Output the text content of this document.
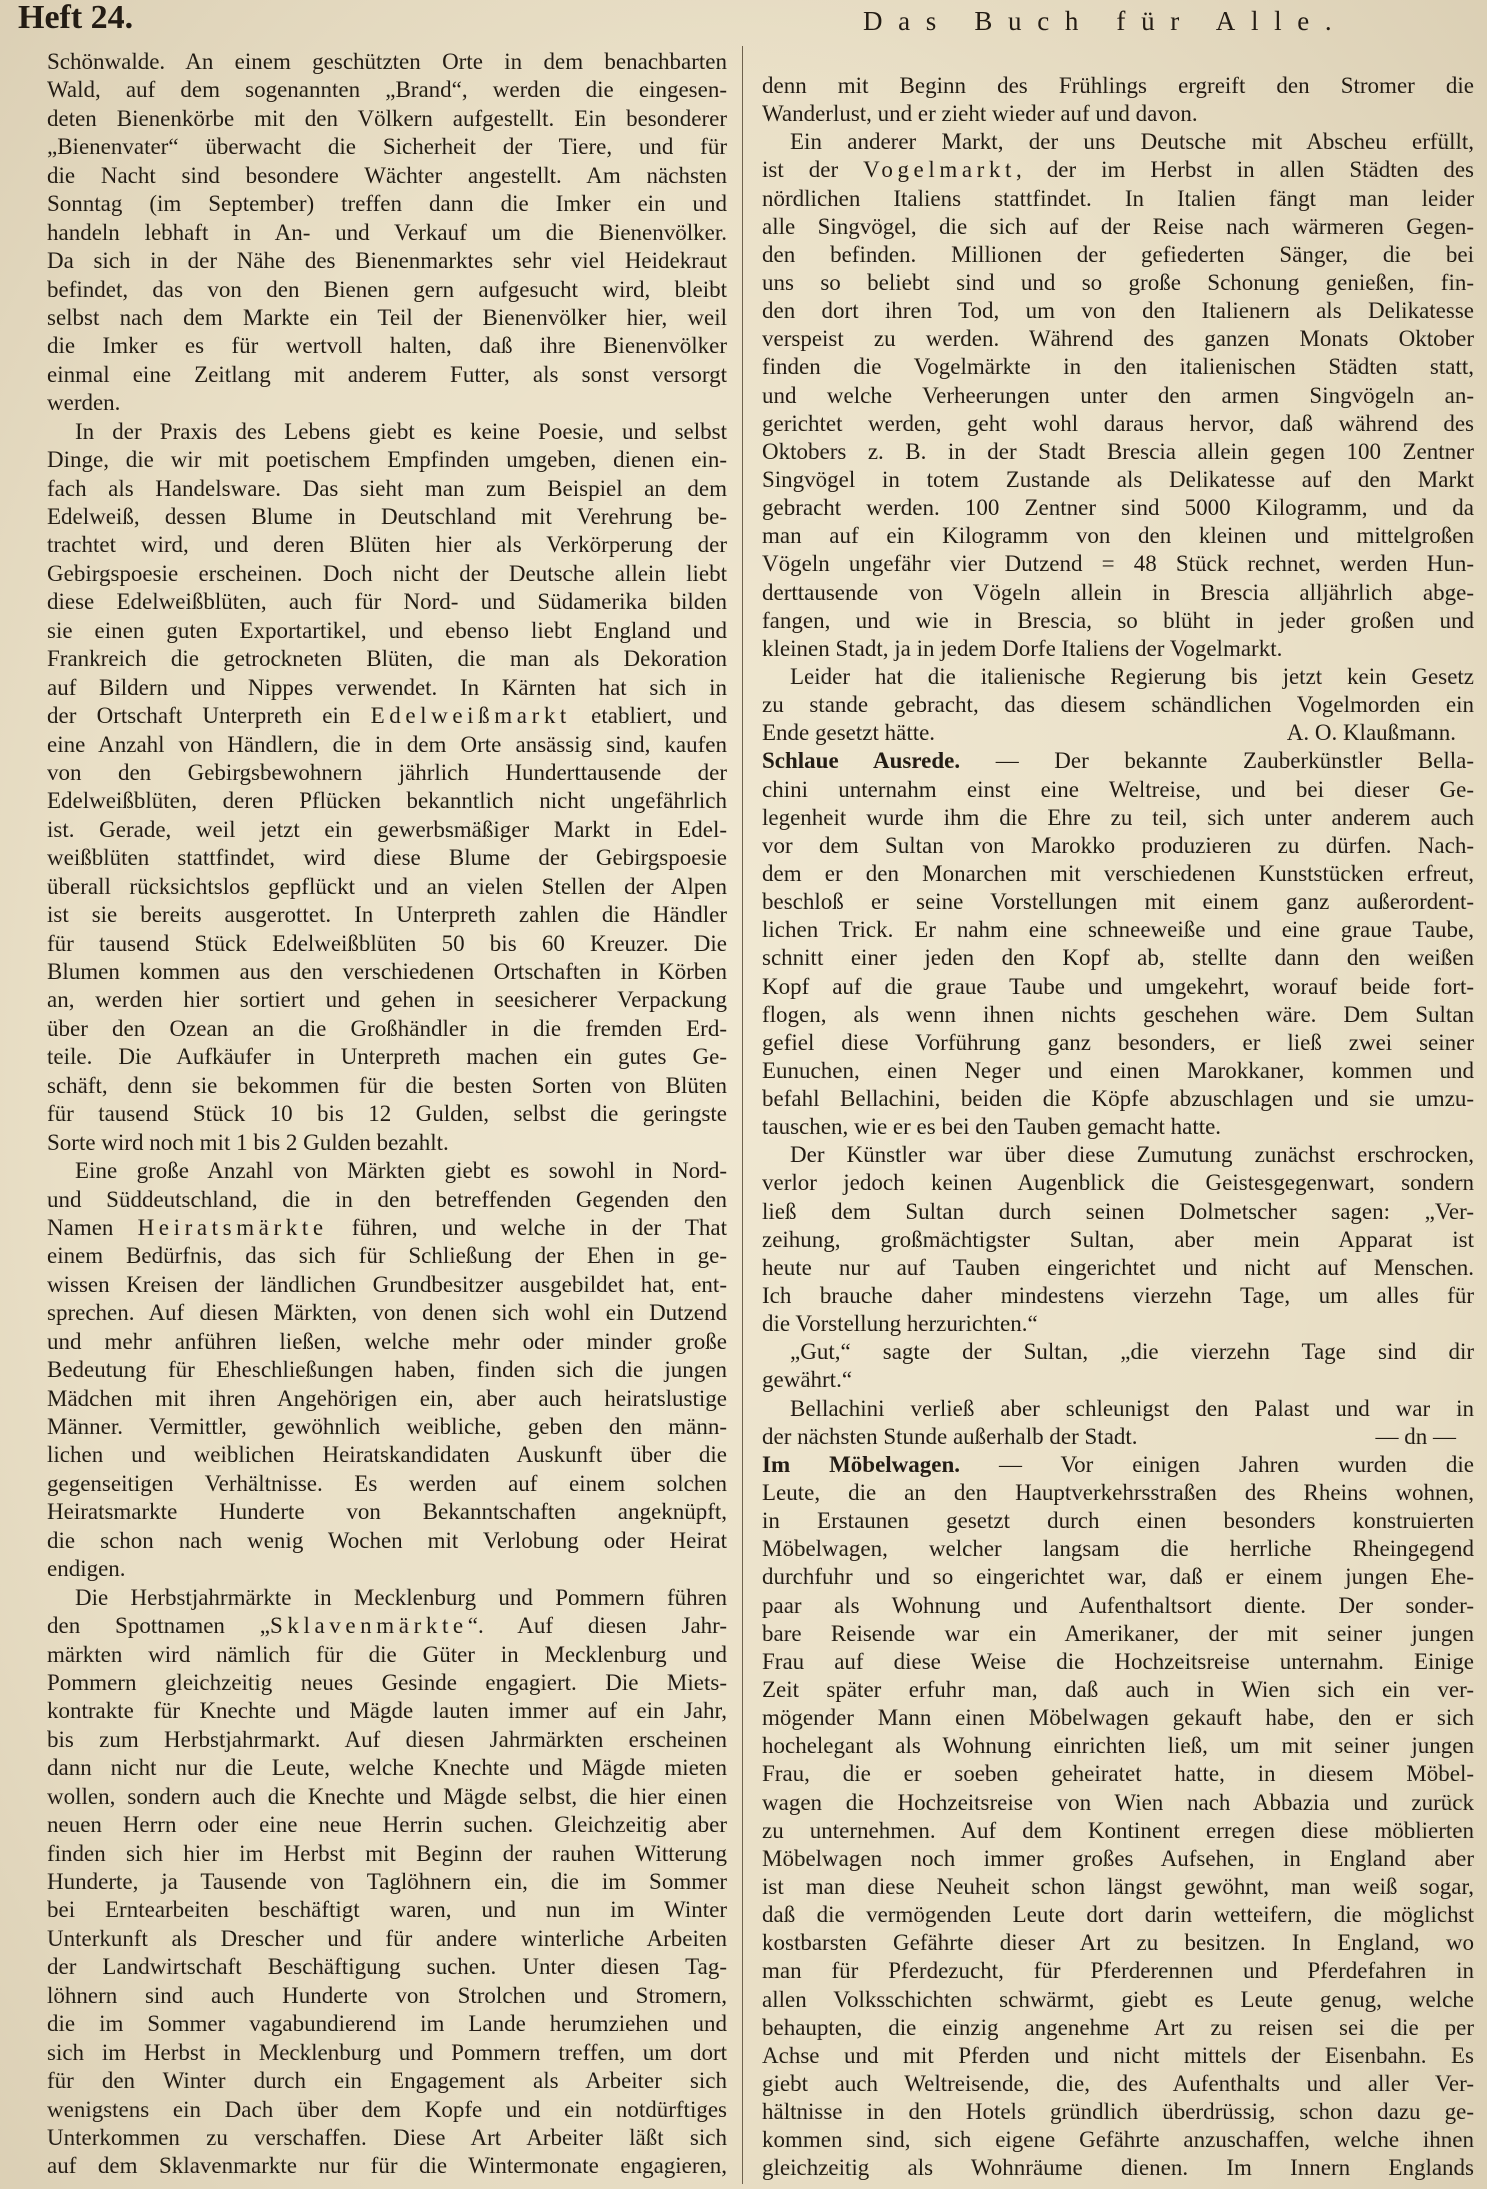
Heft 24.	Das Buch für Alle.
Schönwalde. An einem geschützten Orte in dem benachbarten
Wald, auf dem sogenannten „Brand“, werden die eingesen-
deten Bienenkörbe mit den Völkern aufgestellt. Ein besonderer
„Bienenvater“ überwacht die Sicherheit der Tiere, und für
die Nacht sind besondere Wächter angestellt. Am nächsten
Sonntag (im September) treffen dann die Imker ein und
handeln lebhaft in An- und Verkauf um die Bienenvölker.
Da sich in der Nähe des Bienenmarktes sehr viel Heidekraut
befindet, das von den Bienen gern aufgesucht wird, bleibt
selbst nach dem Markte ein Teil der Bienenvölker hier, weil
die Imker es für wertvoll halten, daß ihre Bienenvölker
einmal eine Zeitlang mit anderem Futter, als sonst versorgt
werden.
In der Praxis des Lebens giebt es keine Poesie, und selbst
Dinge, die wir mit poetischem Empfinden umgeben, dienen ein-
fach als Handelsware. Das sieht man zum Beispiel an dem
Edelweiß, dessen Blume in Deutschland mit Verehrung be-
trachtet wird, und deren Blüten hier als Verkörperung der
Gebirgspoesie erscheinen. Doch nicht der Deutsche allein liebt
diese Edelweißblüten, auch für Nord- und Südamerika bilden
sie einen guten Exportartikel, und ebenso liebt England und
Frankreich die getrockneten Blüten, die man als Dekoration
auf Bildern und Nippes verwendet. In Kärnten hat sich in
der Ortschaft Unterpreth ein Edelweißmarkt etabliert, und
eine Anzahl von Händlern, die in dem Orte ansässig sind, kaufen
von den Gebirgsbewohnern jährlich Hunderttausende der
Edelweißblüten, deren Pflücken bekanntlich nicht ungefährlich
ist. Gerade, weil jetzt ein gewerbsmäßiger Markt in Edel-
weißblüten stattfindet, wird diese Blume der Gebirgspoesie
überall rücksichtslos gepflückt und an vielen Stellen der Alpen
ist sie bereits ausgerottet. In Unterpreth zahlen die Händler
für tausend Stück Edelweißblüten 50 bis 60 Kreuzer. Die
Blumen kommen aus den verschiedenen Ortschaften in Körben
an, werden hier sortiert und gehen in seesicherer Verpackung
über den Ozean an die Großhändler in die fremden Erd-
teile. Die Aufkäufer in Unterpreth machen ein gutes Ge-
schäft, denn sie bekommen für die besten Sorten von Blüten
für tausend Stück 10 bis 12 Gulden, selbst die geringste
Sorte wird noch mit 1 bis 2 Gulden bezahlt.
Eine große Anzahl von Märkten giebt es sowohl in Nord-
und Süddeutschland, die in den betreffenden Gegenden den
Namen Heiratsmärkte führen, und welche in der That
einem Bedürfnis, das sich für Schließung der Ehen in ge-
wissen Kreisen der ländlichen Grundbesitzer ausgebildet hat, ent-
sprechen. Auf diesen Märkten, von denen sich wohl ein Dutzend
und mehr anführen ließen, welche mehr oder minder große
Bedeutung für Eheschließungen haben, finden sich die jungen
Mädchen mit ihren Angehörigen ein, aber auch heiratslustige
Männer. Vermittler, gewöhnlich weibliche, geben den männ-
lichen und weiblichen Heiratskandidaten Auskunft über die
gegenseitigen Verhältnisse. Es werden auf einem solchen
Heiratsmarkte Hunderte von Bekanntschaften angeknüpft,
die schon nach wenig Wochen mit Verlobung oder Heirat
endigen.
Die Herbstjahrmärkte in Mecklenburg und Pommern führen
den Spottnamen „Sklavenmärkte“. Auf diesen Jahr-
märkten wird nämlich für die Güter in Mecklenburg und
Pommern gleichzeitig neues Gesinde engagiert. Die Miets-
kontrakte für Knechte und Mägde lauten immer auf ein Jahr,
bis zum Herbstjahrmarkt. Auf diesen Jahrmärkten erscheinen
dann nicht nur die Leute, welche Knechte und Mägde mieten
wollen, sondern auch die Knechte und Mägde selbst, die hier einen
neuen Herrn oder eine neue Herrin suchen. Gleichzeitig aber
finden sich hier im Herbst mit Beginn der rauhen Witterung
Hunderte, ja Tausende von Taglöhnern ein, die im Sommer
bei Erntearbeiten beschäftigt waren, und nun im Winter
Unterkunft als Drescher und für andere winterliche Arbeiten
der Landwirtschaft Beschäftigung suchen. Unter diesen Tag-
löhnern sind auch Hunderte von Strolchen und Stromern,
die im Sommer vagabundierend im Lande herumziehen und
sich im Herbst in Mecklenburg und Pommern treffen, um dort
für den Winter durch ein Engagement als Arbeiter sich
wenigstens ein Dach über dem Kopfe und ein notdürftiges
Unterkommen zu verschaffen. Diese Art Arbeiter läßt sich
auf dem Sklavenmarkte nur für die Wintermonate engagieren,
denn mit Beginn des Frühlings ergreift den Stromer die
Wanderlust, und er zieht wieder auf und davon.
Ein anderer Markt, der uns Deutsche mit Abscheu erfüllt,
ist der Vogelmarkt, der im Herbst in allen Städten des
nördlichen Italiens stattfindet. In Italien fängt man leider
alle Singvögel, die sich auf der Reise nach wärmeren Gegen-
den befinden. Millionen der gefiederten Sänger, die bei
uns so beliebt sind und so große Schonung genießen, fin-
den dort ihren Tod, um von den Italienern als Delikatesse
verspeist zu werden. Während des ganzen Monats Oktober
finden die Vogelmärkte in den italienischen Städten statt,
und welche Verheerungen unter den armen Singvögeln an-
gerichtet werden, geht wohl daraus hervor, daß während des
Oktobers z. B. in der Stadt Brescia allein gegen 100 Zentner
Singvögel in totem Zustande als Delikatesse auf den Markt
gebracht werden. 100 Zentner sind 5000 Kilogramm, und da
man auf ein Kilogramm von den kleinen und mittelgroßen
Vögeln ungefähr vier Dutzend = 48 Stück rechnet, werden Hun-
derttausende von Vögeln allein in Brescia alljährlich abge-
fangen, und wie in Brescia, so blüht in jeder großen und
kleinen Stadt, ja in jedem Dorfe Italiens der Vogelmarkt.
Leider hat die italienische Regierung bis jetzt kein Gesetz
zu stande gebracht, das diesem schändlichen Vogelmorden ein
Ende gesetzt hätte.	A. O. Klaußmann.
Schlaue Ausrede. — Der bekannte Zauberkünstler Bella-
chini unternahm einst eine Weltreise, und bei dieser Ge-
legenheit wurde ihm die Ehre zu teil, sich unter anderem auch
vor dem Sultan von Marokko produzieren zu dürfen. Nach-
dem er den Monarchen mit verschiedenen Kunststücken erfreut,
beschloß er seine Vorstellungen mit einem ganz außerordent-
lichen Trick. Er nahm eine schneeweiße und eine graue Taube,
schnitt einer jeden den Kopf ab, stellte dann den weißen
Kopf auf die graue Taube und umgekehrt, worauf beide fort-
flogen, als wenn ihnen nichts geschehen wäre. Dem Sultan
gefiel diese Vorführung ganz besonders, er ließ zwei seiner
Eunuchen, einen Neger und einen Marokkaner, kommen und
befahl Bellachini, beiden die Köpfe abzuschlagen und sie umzu-
tauschen, wie er es bei den Tauben gemacht hatte.
Der Künstler war über diese Zumutung zunächst erschrocken,
verlor jedoch keinen Augenblick die Geistesgegenwart, sondern
ließ dem Sultan durch seinen Dolmetscher sagen: „Ver-
zeihung, großmächtigster Sultan, aber mein Apparat ist
heute nur auf Tauben eingerichtet und nicht auf Menschen.
Ich brauche daher mindestens vierzehn Tage, um alles für
die Vorstellung herzurichten.“
„Gut,“ sagte der Sultan, „die vierzehn Tage sind dir
gewährt.“
Bellachini verließ aber schleunigst den Palast und war in
der nächsten Stunde außerhalb der Stadt.	— dn —
Im Möbelwagen. — Vor einigen Jahren wurden die
Leute, die an den Hauptverkehrsstraßen des Rheins wohnen,
in Erstaunen gesetzt durch einen besonders konstruierten
Möbelwagen, welcher langsam die herrliche Rheingegend
durchfuhr und so eingerichtet war, daß er einem jungen Ehe-
paar als Wohnung und Aufenthaltsort diente. Der sonder-
bare Reisende war ein Amerikaner, der mit seiner jungen
Frau auf diese Weise die Hochzeitsreise unternahm. Einige
Zeit später erfuhr man, daß auch in Wien sich ein ver-
mögender Mann einen Möbelwagen gekauft habe, den er sich
hochelegant als Wohnung einrichten ließ, um mit seiner jungen
Frau, die er soeben geheiratet hatte, in diesem Möbel-
wagen die Hochzeitsreise von Wien nach Abbazia und zurück
zu unternehmen. Auf dem Kontinent erregen diese möblierten
Möbelwagen noch immer großes Aufsehen, in England aber
ist man diese Neuheit schon längst gewöhnt, man weiß sogar,
daß die vermögenden Leute dort darin wetteifern, die möglichst
kostbarsten Gefährte dieser Art zu besitzen. In England, wo
man für Pferdezucht, für Pferderennen und Pferdefahren in
allen Volksschichten schwärmt, giebt es Leute genug, welche
behaupten, die einzig angenehme Art zu reisen sei die per
Achse und mit Pferden und nicht mittels der Eisenbahn. Es
giebt auch Weltreisende, die, des Aufenthalts und aller Ver-
hältnisse in den Hotels gründlich überdrüssig, schon dazu ge-
kommen sind, sich eigene Gefährte anzuschaffen, welche ihnen
gleichzeitig als Wohnräume dienen. Im Innern Englands
